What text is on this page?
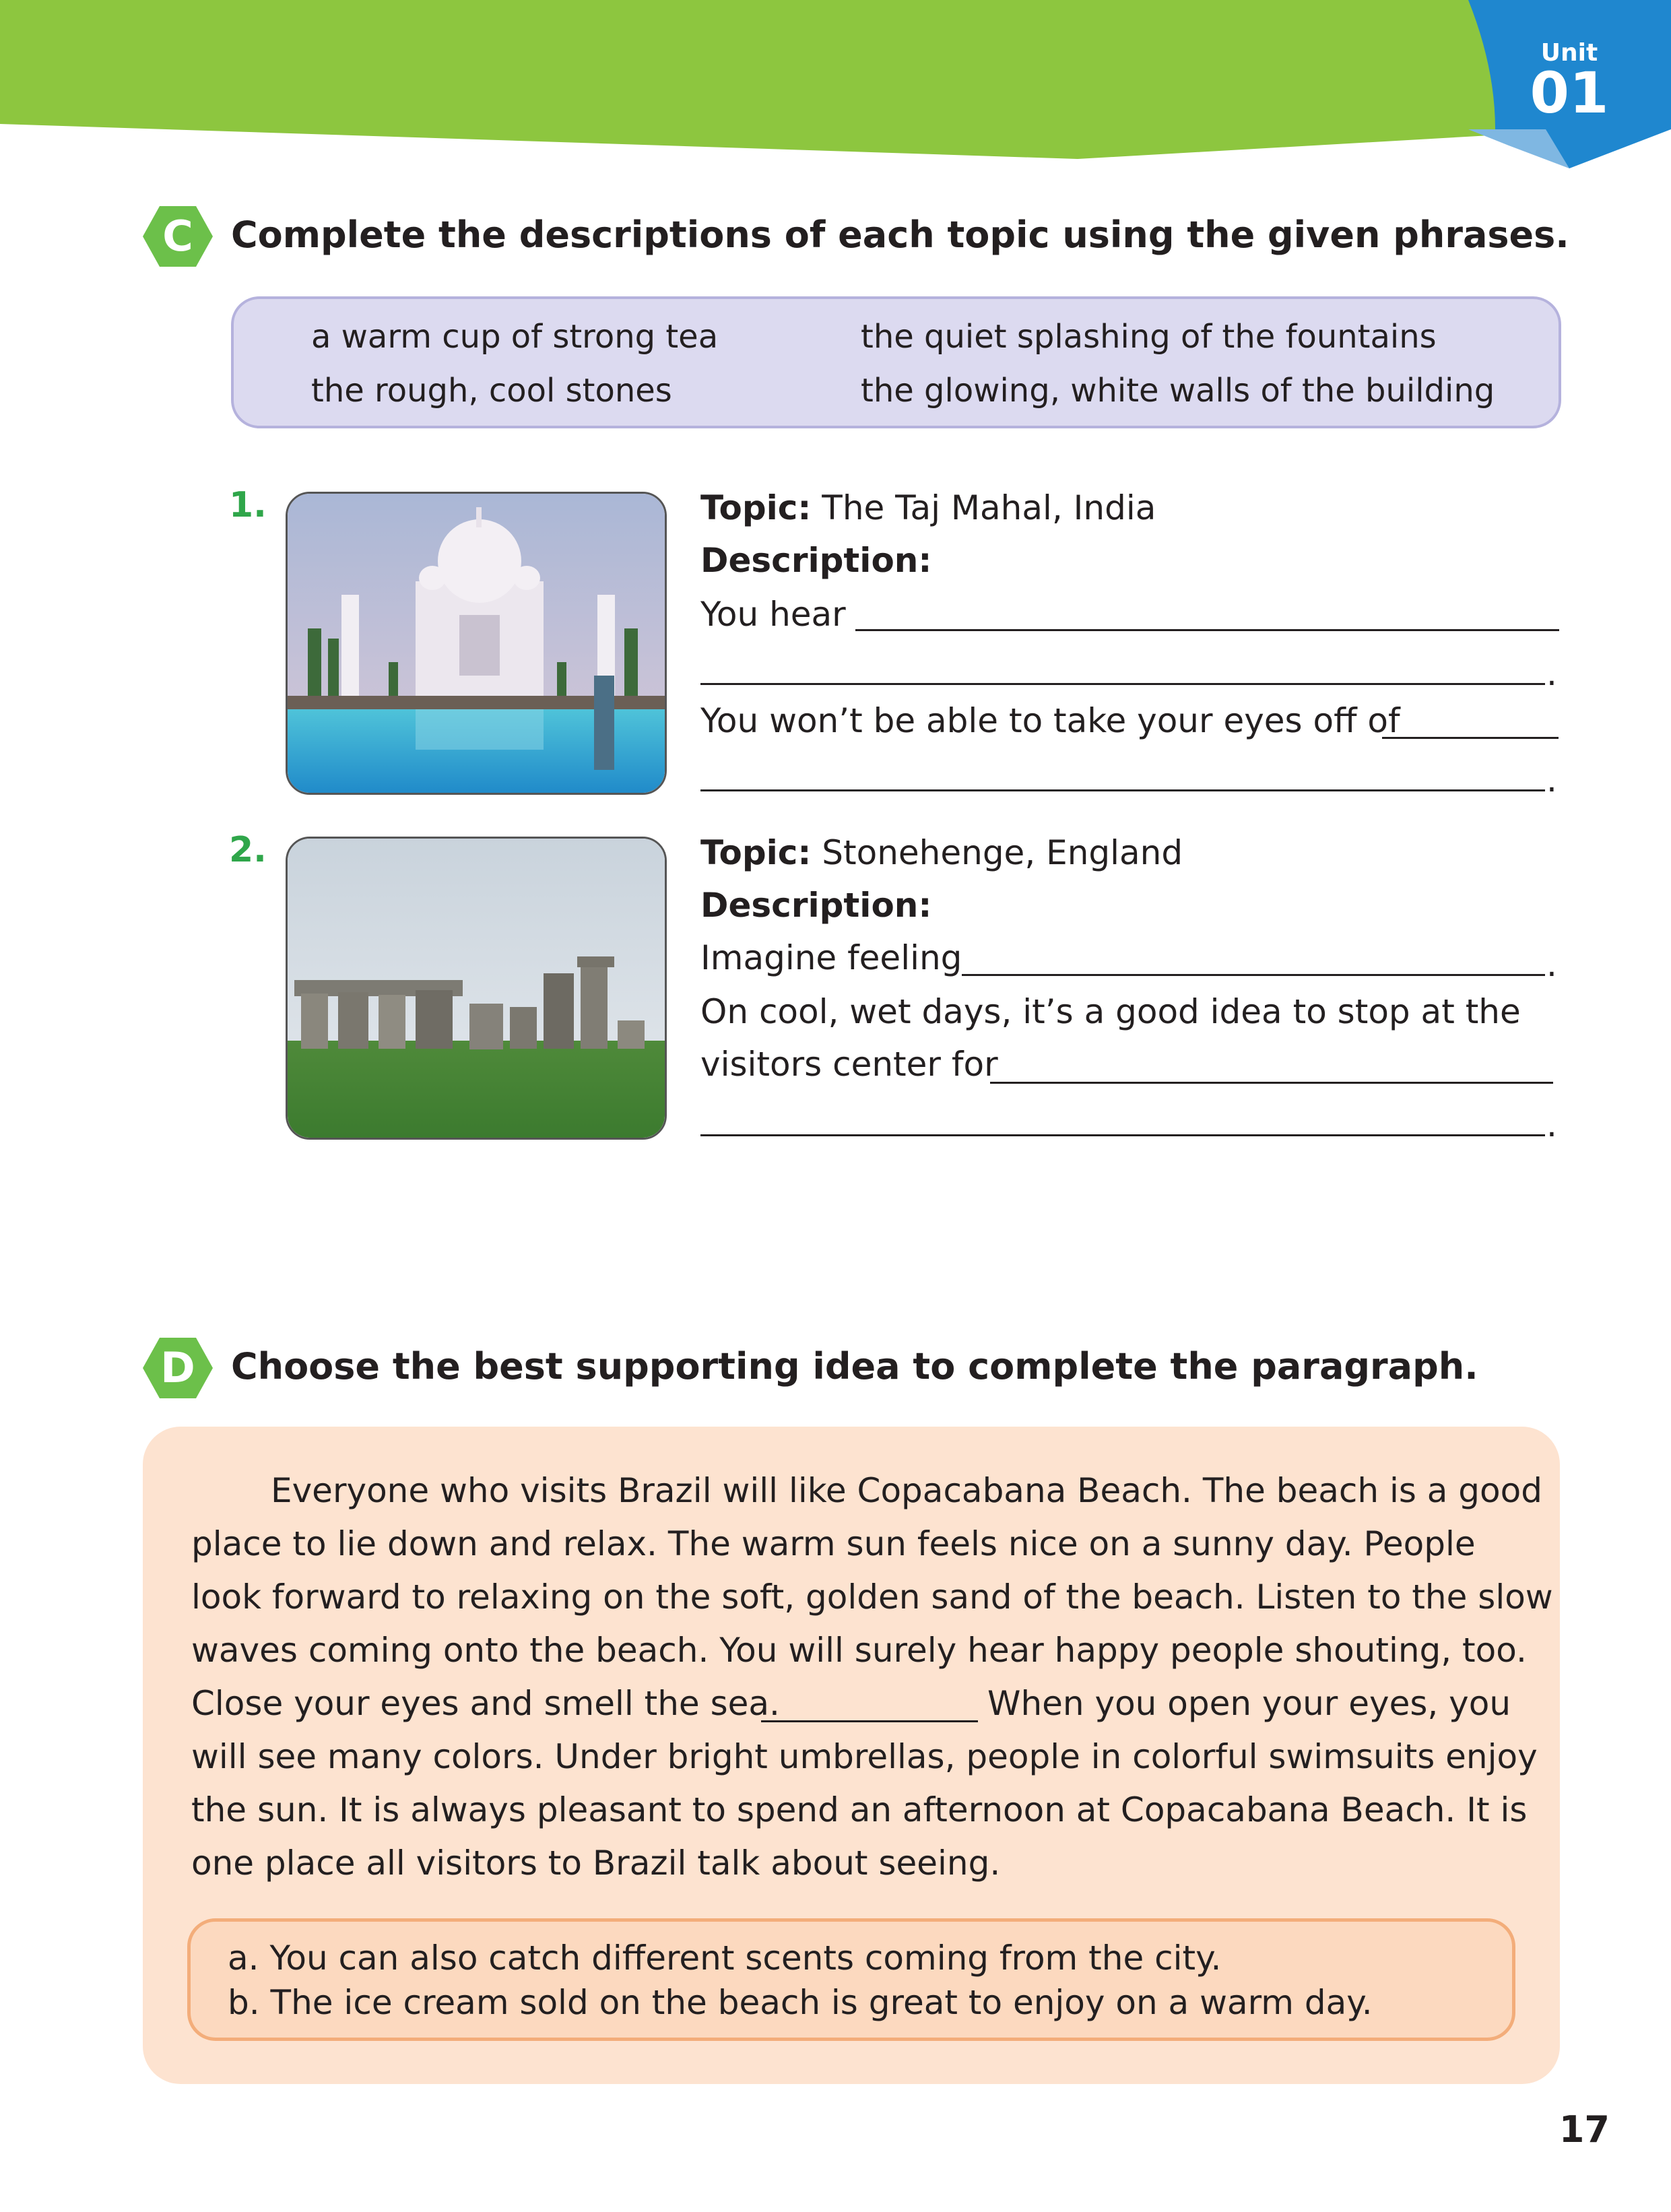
Unit
01
C	Complete the descriptions of each topic using the given phrases.
a warm cup of strong tea	the quiet splashing of the fountains
the rough, cool stones	the glowing, white walls of the building
1.	Topic: The Taj Mahal, India
Description:
You hear
.
You won’t be able to take your eyes off of
.
2.	Topic: Stonehenge, England
Description:
Imagine feeling	.
On cool, wet days, it’s a good idea to stop at the
visitors center for
.
D Choose the best supporting idea to complete the paragraph.
Everyone who visits Brazil will like Copacabana Beach. The beach is a good
place to lie down and relax. The warm sun feels nice on a sunny day. People
look forward to relaxing on the soft, golden sand of the beach. Listen to the slow
waves coming onto the beach. You will surely hear happy people shouting, too.
Close your eyes and smell the sea.	When you open your eyes, you
will see many colors. Under bright umbrellas, people in colorful swimsuits enjoy
the sun. It is always pleasant to spend an afternoon at Copacabana Beach. It is
one place all visitors to Brazil talk about seeing.
a. You can also catch different scents coming from the city.
b. The ice cream sold on the beach is great to enjoy on a warm day.
17
